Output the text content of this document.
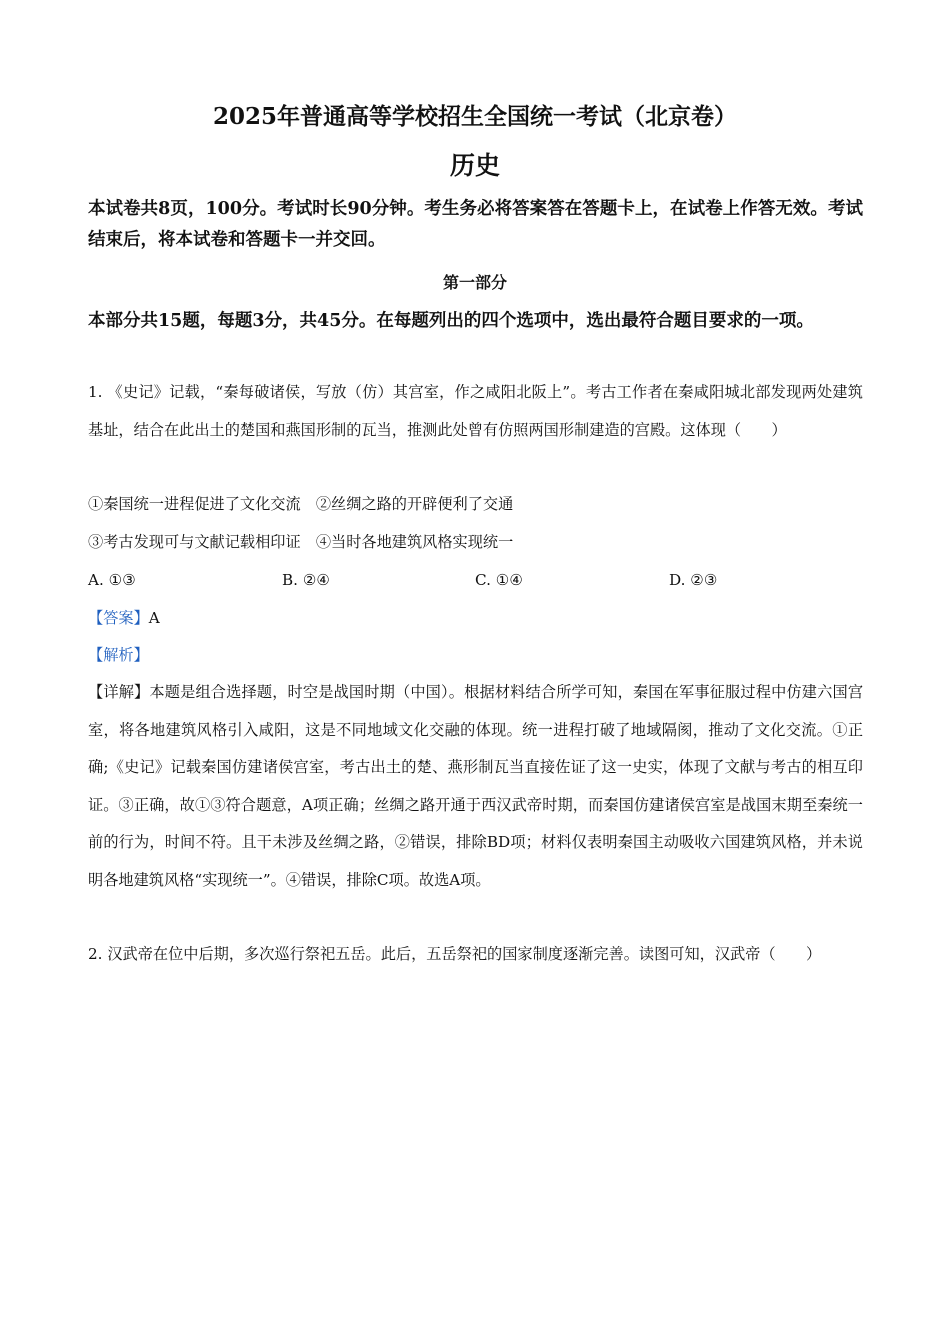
2025年普通高等学校招生全国统一考试（北京卷）
历史
本试卷共8页，100分。考试时长90分钟。考生务必将答案答在答题卡上，在试卷上作答无效。考试结束后，将本试卷和答题卡一并交回。
第一部分
本部分共15题，每题3分，共45分。在每题列出的四个选项中，选出最符合题目要求的一项。
1. 《史记》记载，“秦每破诸侯，写放（仿）其宫室，作之咸阳北阪上”。考古工作者在秦咸阳城北部发现两处建筑基址，结合在此出土的楚国和燕国形制的瓦当，推测此处曾有仿照两国形制建造的宫殿。这体现（　　）
①秦国统一进程促进了文化交流　②丝绸之路的开辟便利了交通
③考古发现可与文献记载相印证　④当时各地建筑风格实现统一
A. ①③	B. ②④	C. ①④	D. ②③
【答案】A
【解析】
【详解】本题是组合选择题，时空是战国时期（中国）。根据材料结合所学可知，秦国在军事征服过程中仿建六国宫室，将各地建筑风格引入咸阳，这是不同地域文化交融的体现。统一进程打破了地域隔阂，推动了文化交流。①正确;《史记》记载秦国仿建诸侯宫室，考古出土的楚、燕形制瓦当直接佐证了这一史实，体现了文献与考古的相互印证。③正确，故①③符合题意，A项正确；丝绸之路开通于西汉武帝时期，而秦国仿建诸侯宫室是战国末期至秦统一前的行为，时间不符。且干未涉及丝绸之路，②错误，排除BD项；材料仅表明秦国主动吸收六国建筑风格，并未说明各地建筑风格“实现统一”。④错误，排除C项。故选A项。
2. 汉武帝在位中后期，多次巡行祭祀五岳。此后，五岳祭祀的国家制度逐渐完善。读图可知，汉武帝（　　）
